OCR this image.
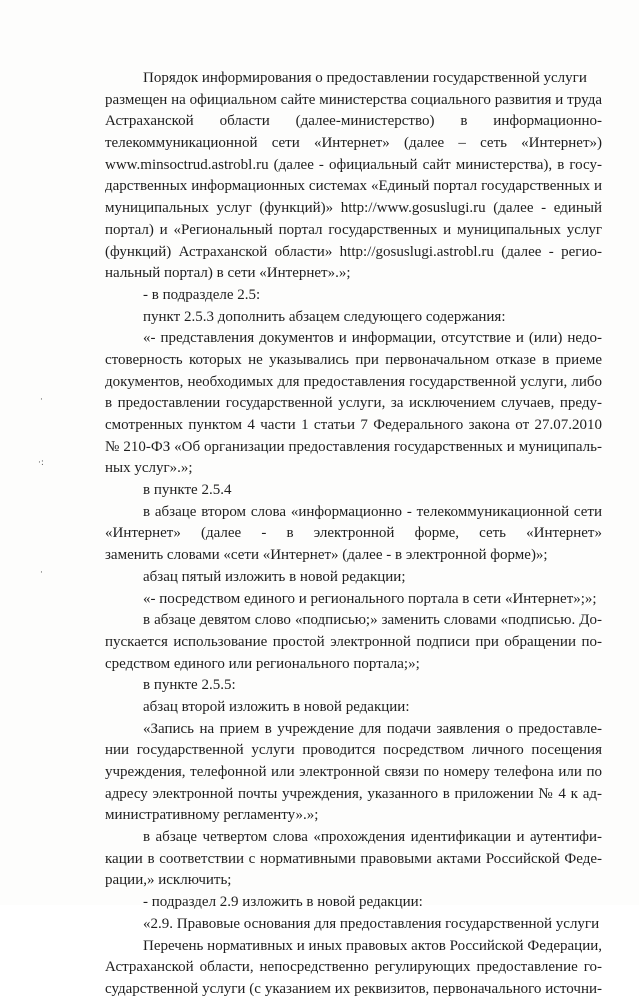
·
·:
·
Порядок информирования о предоставлении государственной услуги
размещен на официальном сайте министерства социального развития и труда
Астраханской области (далее-министерство) в информационно-
телекоммуникационной сети «Интернет» (далее – сеть «Интернет»)
www.minsoctrud.astrobl.ru (далее - официальный сайт министерства), в госу-
дарственных информационных системах «Единый портал государственных и
муниципальных услуг (функций)» http://www.gosuslugi.ru (далее - единый
портал) и «Региональный портал государственных и муниципальных услуг
(функций) Астраханской области» http://gosuslugi.astrobl.ru (далее - регио-
нальный портал) в сети «Интернет».»;
- в подразделе 2.5:
пункт 2.5.3 дополнить абзацем следующего содержания:
«- представления документов и информации, отсутствие и (или) недо-
стоверность которых не указывались при первоначальном отказе в приеме
документов, необходимых для предоставления государственной услуги, либо
в предоставлении государственной услуги, за исключением случаев, преду-
смотренных пунктом 4 части 1 статьи 7 Федерального закона от 27.07.2010
№ 210-ФЗ «Об организации предоставления государственных и муниципаль-
ных услуг».»;
в пункте 2.5.4
в абзаце втором слова «информационно - телекоммуникационной сети
«Интернет» (далее - в электронной форме, сеть «Интернет»
заменить словами «сети «Интернет» (далее - в электронной форме)»;
абзац пятый изложить в новой редакции;
«- посредством единого и регионального портала в сети «Интернет»;»;
в абзаце девятом слово «подписью;» заменить словами «подписью. До-
пускается использование простой электронной подписи при обращении по-
средством единого или регионального портала;»;
в пункте 2.5.5:
абзац второй изложить в новой редакции:
«Запись на прием в учреждение для подачи заявления о предоставле-
нии государственной услуги проводится посредством личного посещения
учреждения, телефонной или электронной связи по номеру телефона или по
адресу электронной почты учреждения, указанного в приложении № 4 к ад-
министративному регламенту».»;
в абзаце четвертом слова «прохождения идентификации и аутентифи-
кации в соответствии с нормативными правовыми актами Российской Феде-
рации,» исключить;
- подраздел 2.9 изложить в новой редакции:
«2.9. Правовые основания для предоставления государственной услуги
Перечень нормативных и иных правовых актов Российской Федерации,
Астраханской области, непосредственно регулирующих предоставление го-
сударственной услуги (с указанием их реквизитов, первоначального источни-
